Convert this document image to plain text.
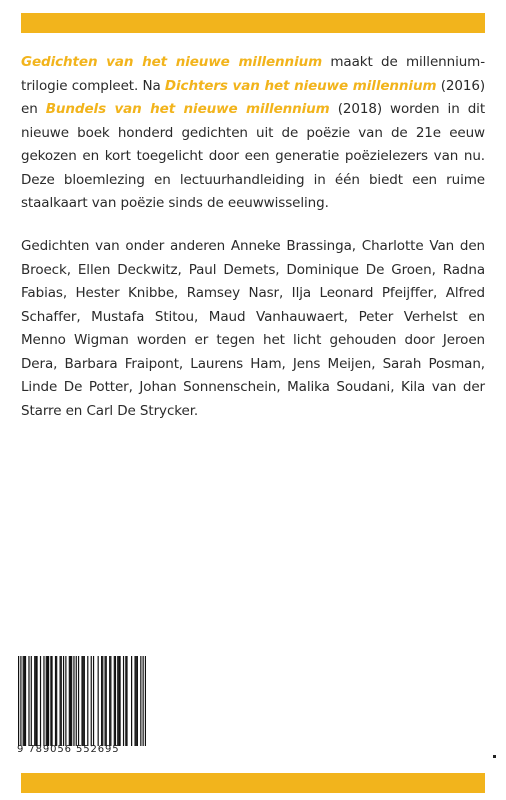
Gedichten van het nieuwe millennium maakt de millennium-trilogie compleet. Na Dichters van het nieuwe millennium (2016) en Bundels van het nieuwe millennium (2018) worden in dit nieuwe boek honderd gedichten uit de poëzie van de 21e eeuw gekozen en kort toegelicht door een generatie poëzielezers van nu. Deze bloemlezing en lectuurhandleiding in één biedt een ruime staalkaart van poëzie sinds de eeuwwisseling.

Gedichten van onder anderen Anneke Brassinga, Charlotte Van den Broeck, Ellen Deckwitz, Paul Demets, Dominique De Groen, Radna Fabias, Hester Knibbe, Ramsey Nasr, Ilja Leonard Pfeijffer, Alfred Schaffer, Mustafa Stitou, Maud Vanhauwaert, Peter Verhelst en Menno Wigman worden er tegen het licht gehouden door Jeroen Dera, Barbara Fraipont, Laurens Ham, Jens Meijen, Sarah Posman, Linde De Potter, Johan Sonnenschein, Malika Soudani, Kila van der Starre en Carl De Strycker.

9 789056 552695
